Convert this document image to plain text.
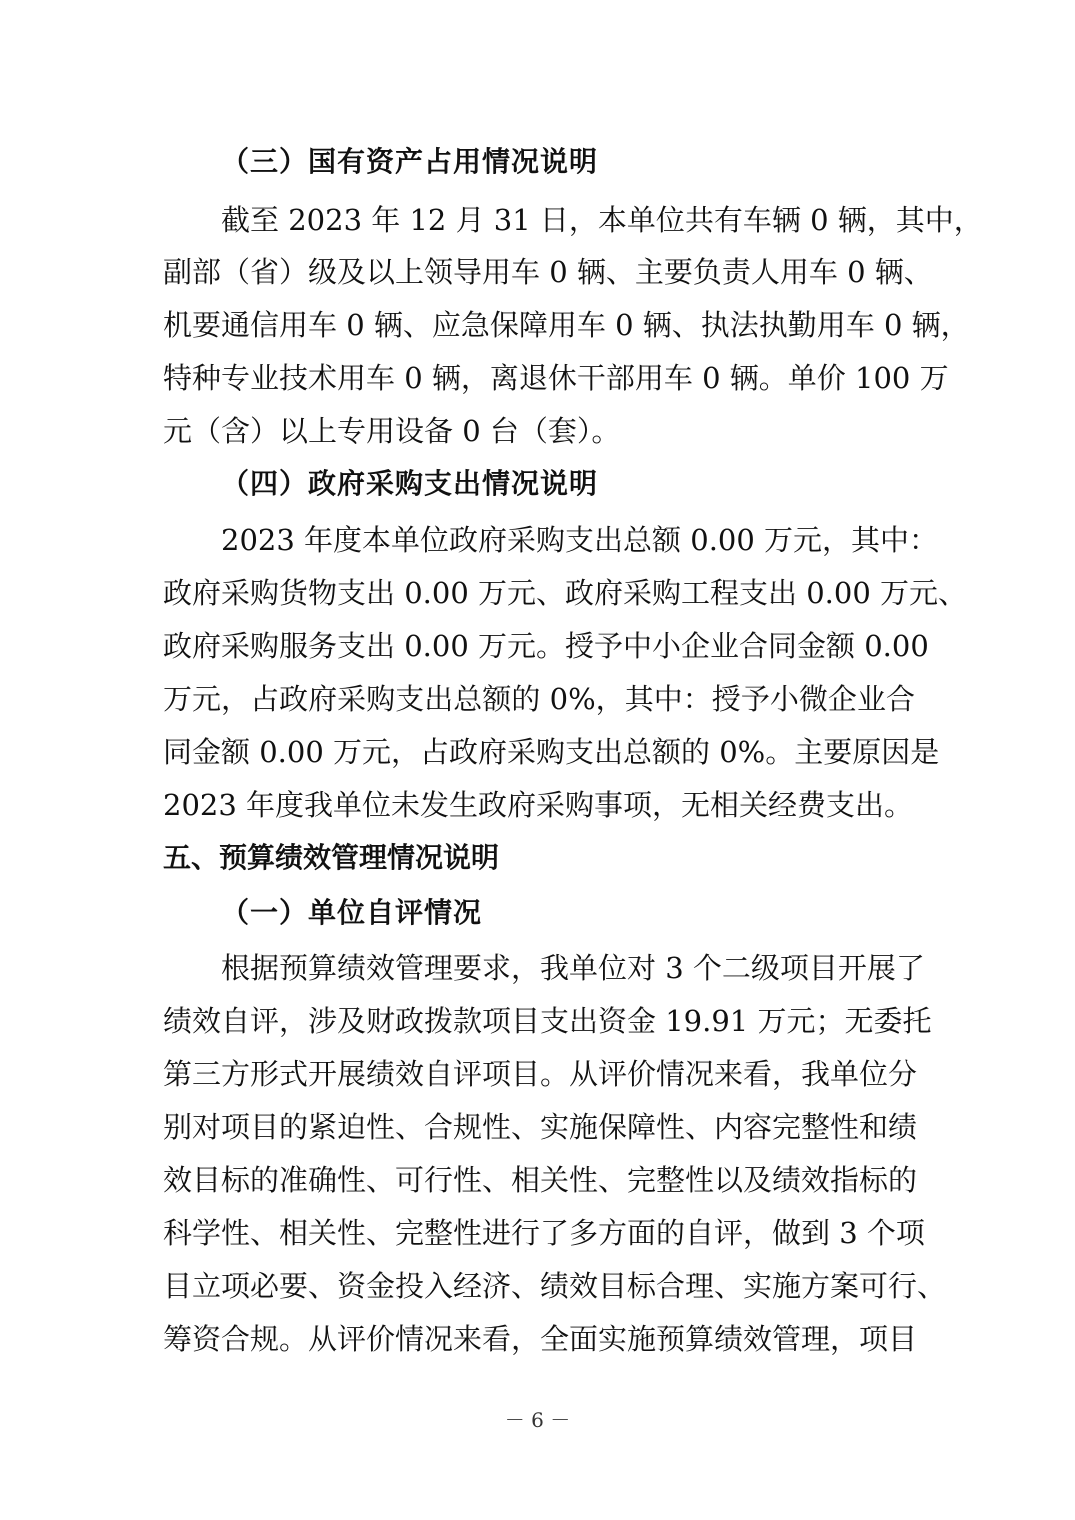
（三）国有资产占用情况说明
截至 2023 年 12 月 31 日，本单位共有车辆 0 辆，其中，
副部（省）级及以上领导用车 0 辆、主要负责人用车 0 辆、
机要通信用车 0 辆、应急保障用车 0 辆、执法执勤用车 0 辆，
特种专业技术用车 0 辆，离退休干部用车 0 辆。单价 100 万
元（含）以上专用设备 0 台（套）。
（四）政府采购支出情况说明
2023 年度本单位政府采购支出总额 0.00 万元，其中：
政府采购货物支出 0.00 万元、政府采购工程支出 0.00 万元、
政府采购服务支出 0.00 万元。授予中小企业合同金额 0.00
万元，占政府采购支出总额的 0%，其中：授予小微企业合
同金额 0.00 万元，占政府采购支出总额的 0%。主要原因是
2023 年度我单位未发生政府采购事项，无相关经费支出。
五、预算绩效管理情况说明
（一）单位自评情况
根据预算绩效管理要求，我单位对 3 个二级项目开展了
绩效自评，涉及财政拨款项目支出资金 19.91 万元；无委托
第三方形式开展绩效自评项目。从评价情况来看，我单位分
别对项目的紧迫性、合规性、实施保障性、内容完整性和绩
效目标的准确性、可行性、相关性、完整性以及绩效指标的
科学性、相关性、完整性进行了多方面的自评，做到 3 个项
目立项必要、资金投入经济、绩效目标合理、实施方案可行、
筹资合规。从评价情况来看，全面实施预算绩效管理，项目
－ 6 －
